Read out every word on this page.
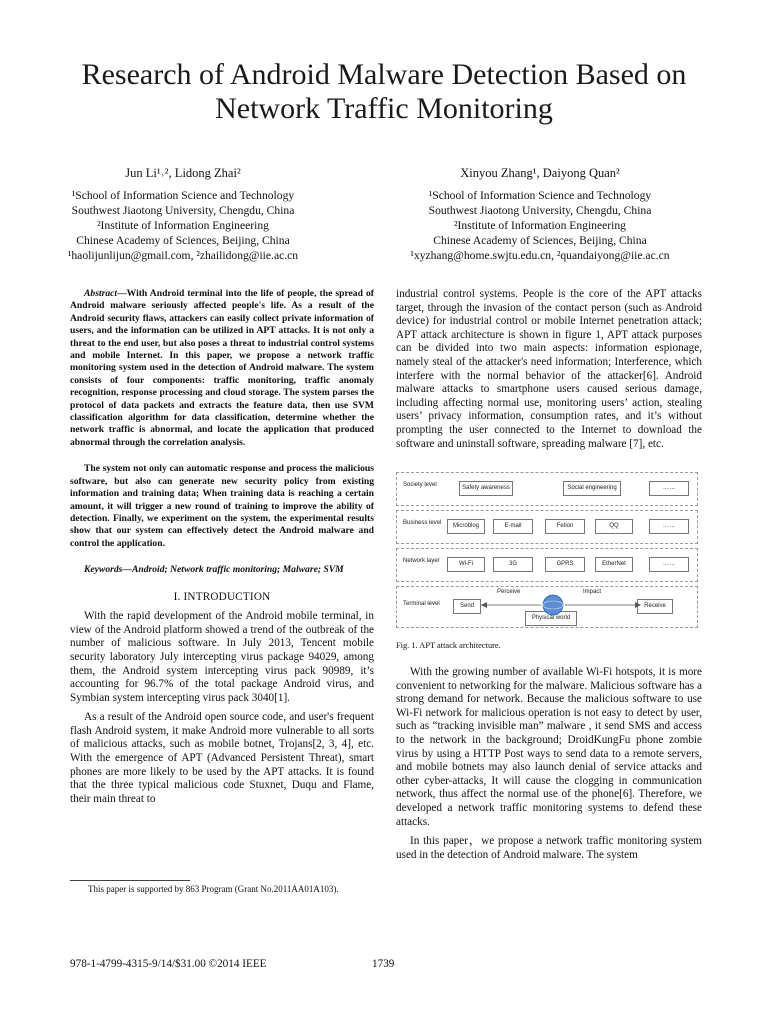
Research of Android Malware Detection Based on
Network Traffic Monitoring
Jun Li¹˒², Lidong Zhai²
¹School of Information Science and Technology
Southwest Jiaotong University, Chengdu, China
²Institute of Information Engineering
Chinese Academy of Sciences, Beijing, China
¹haolijunlijun@gmail.com, ²zhailidong@iie.ac.cn
Xinyou Zhang¹, Daiyong Quan²
¹School of Information Science and Technology
Southwest Jiaotong University, Chengdu, China
²Institute of Information Engineering
Chinese Academy of Sciences, Beijing, China
¹xyzhang@home.swjtu.edu.cn, ²quandaiyong@iie.ac.cn

Abstract—With Android terminal into the life of people, the spread of Android malware seriously affected people's life. As a result of the Android security flaws, attackers can easily collect private information of users, and the information can be utilized in APT attacks. It is not only a threat to the end user, but also poses a threat to industrial control systems and mobile Internet. In this paper, we propose a network traffic monitoring system used in the detection of Android malware. The system consists of four components: traffic monitoring, traffic anomaly recognition, response processing and cloud storage. The system parses the protocol of data packets and extracts the feature data, then use SVM classification algorithm for data classification, determine whether the network traffic is abnormal, and locate the application that produced abnormal through the correlation analysis.

The system not only can automatic response and process the malicious software, but also can generate new security policy from existing information and training data; When training data is reaching a certain amount, it will trigger a new round of training to improve the ability of detection. Finally, we experiment on the system, the experimental results show that our system can effectively detect the Android malware and control the application.

Keywords—Android; Network traffic monitoring; Malware; SVM

I. INTRODUCTION

With the rapid development of the Android mobile terminal, in view of the Android platform showed a trend of the outbreak of the number of malicious software. In July 2013, Tencent mobile security laboratory July intercepting virus package 94029, among them, the Android system intercepting virus pack 90989, it’s accounting for 96.7% of the total package Android virus, and Symbian system intercepting virus pack 3040[1].

As a result of the Android open source code, and user's frequent flash Android system, it make Android more vulnerable to all sorts of malicious attacks, such as mobile botnet, Trojans[2, 3, 4], etc. With the emergence of APT (Advanced Persistent Threat), smart phones are more likely to be used by the APT attacks. It is found that the three typical malicious code Stuxnet, Duqu and Flame, their main threat to

industrial control systems. People is the core of the APT attacks target, through the invasion of the contact person (such as Android device) for industrial control or mobile Internet penetration attack; APT attack architecture is shown in figure 1, APT attack purposes can be divided into two main aspects: information espionage, namely steal of the attacker's need information; Interference, which interfere with the normal behavior of the attacker[6]. Android malware attacks to smartphone users caused serious damage, including affecting normal use, monitoring users’ action, stealing users’ privacy information, consumption rates, and it’s without prompting the user connected to the Internet to download the software and uninstall software, spreading malware [7], etc.

Society level	Safety awareness	Social engineering	... ...
Business level	Microblog	E-mail	Fetion	QQ	... ...
Network layer	Wi-Fi	3G	GPRS	EtherNet	... ...
Terminal level	Send
Perceive	Impact
Physical world
Receive
Fig. 1. APT attack architecture.

With the growing number of available Wi-Fi hotspots, it is more convenient to networking for the malware. Malicious software has a strong demand for network. Because the malicious software to use Wi-Fi network for malicious operation is not easy to detect by user, such as “tracking invisible man” malware , it send SMS and access to the network in the background; DroidKungFu phone zombie virus by using a HTTP Post ways to send data to a remote servers, and mobile botnets may also launch denial of service attacks and other cyber-attacks, It will cause the clogging in communication network, thus affect the normal use of the phone[6]. Therefore, we developed a network traffic monitoring systems to defend these attacks.

In this paper，we propose a network traffic monitoring system used in the detection of Android malware. The system

This paper is supported by 863 Program (Grant No.2011AA01A103).
978-1-4799-4315-9/14/$31.00 ©2014 IEEE	1739
